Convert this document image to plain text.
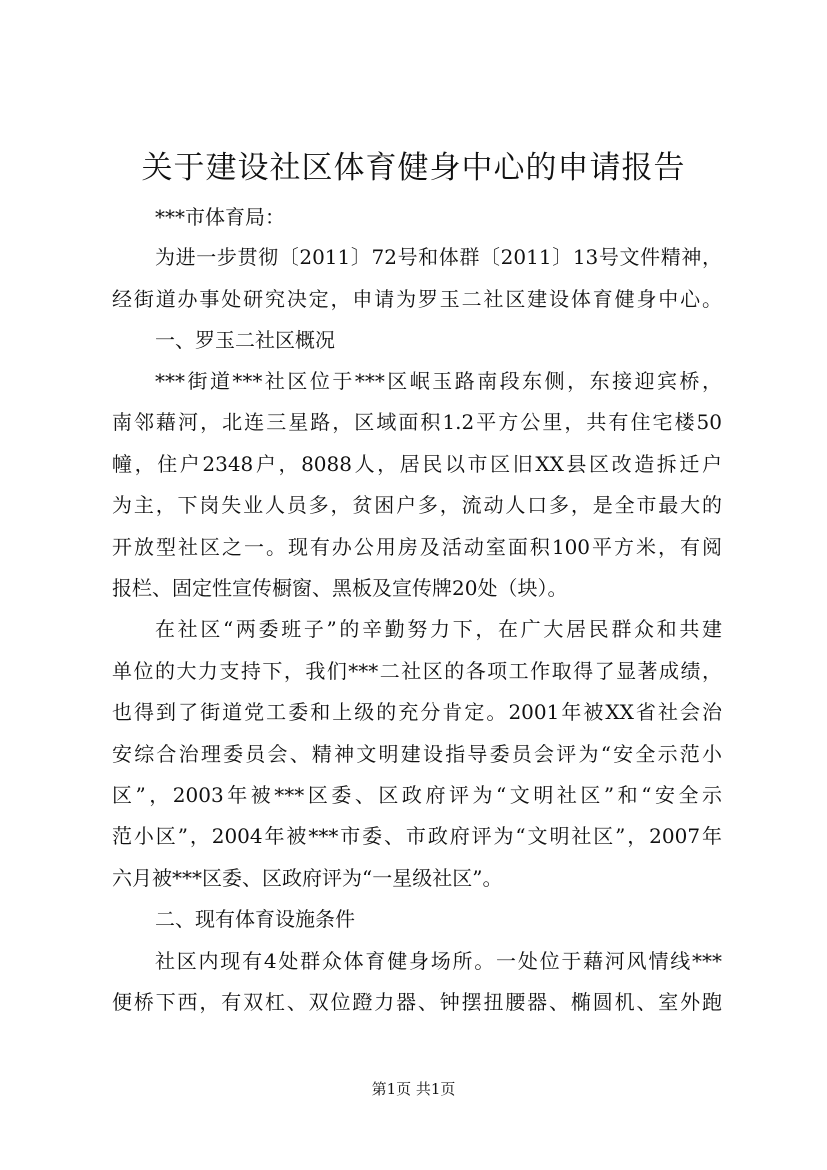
关于建设社区体育健身中心的申请报告
***市体育局：
为进一步贯彻〔2011〕72号和体群〔2011〕13号文件精神，
经街道办事处研究决定，申请为罗玉二社区建设体育健身中心。
一、罗玉二社区概况
***街道***社区位于***区岷玉路南段东侧，东接迎宾桥，
南邻藉河，北连三星路，区域面积1.2平方公里，共有住宅楼50
幢，住户2348户，8088人，居民以市区旧XX县区改造拆迁户
为主，下岗失业人员多，贫困户多，流动人口多，是全市最大的
开放型社区之一。现有办公用房及活动室面积100平方米，有阅
报栏、固定性宣传橱窗、黑板及宣传牌20处（块）。
在社区“两委班子”的辛勤努力下，在广大居民群众和共建
单位的大力支持下，我们***二社区的各项工作取得了显著成绩，
也得到了街道党工委和上级的充分肯定。2001年被XX省社会治
安综合治理委员会、精神文明建设指导委员会评为“安全示范小
区”，2003年被***区委、区政府评为“文明社区”和“安全示
范小区”，2004年被***市委、市政府评为“文明社区”，2007年
六月被***区委、区政府评为“一星级社区”。
二、现有体育设施条件
社区内现有4处群众体育健身场所。一处位于藉河风情线***
便桥下西，有双杠、双位蹬力器、钟摆扭腰器、椭圆机、室外跑
第1页 共1页
